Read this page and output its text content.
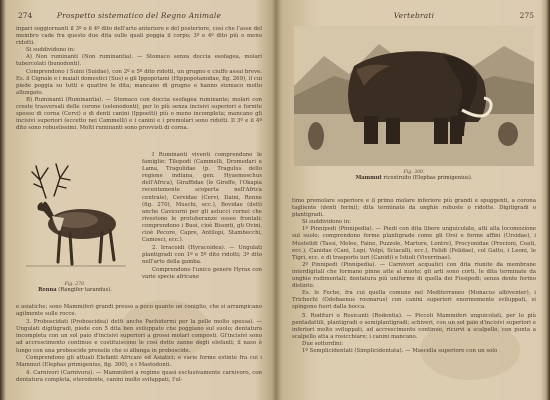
274	Prospetto sistematico del Regno Animale
inpari soggiornanti il 3º o il 4º dito dell'arto anteriore e del posteriore, così che l'asse del membro cade fra questo due dita sulle quali poggia il corpo; 3º e 4º dito più o meno ridotti.
Si suddividono in:
A) Non ruminanti (Non ruminantia). — Stomaco senza doccia esofagea, molari tubercolati (bunodonti).
Comprendono i Suini (Suidae), con 2º e 5º dito ridotti, un grugno e ciuffo assai breve. Es. il Cignale e i maiali domestici (Sus) e gli Ippopotami (Hippopotamidae, fig. 269), il cui piede poggia su tutti e quattro le dita; mancano di grugno e hanno stomaco molto allungato.
B) Ruminanti (Ruminantia). — Stomaco con doccia esofagea ruminante; molari con creste trasversali delle corone (selenodonti), per lo più senza incisivi superiori e fornite spesso di corna (Cervi) o di denti canini (Ippoetti) più o meno incompleta; mancano gli incisivi superiori (eccetto nei Cammelli) e i canini e i premolari sono ridotti. Il 3º e il 4º dito sono robustissimi. Molti ruminanti sono provvisti di corna.
Fig. 270.
Renna (Rangifer tarandus).
I Ruminanti viventi comprendono le famiglie: Tilopodi (Cammelli, Dromedari e Lama, Tragulidae (p. Tragulus dello regione indiana, gen. Hyaemoschus dell'Africa), Giraffidae (le Giraffe, l'Okapia recentemente scoperta nell'Africa centrale), Cervidae (Cervi, Daini, Renne (fig. 270), Muschi, ecc.), Bovidae (detti anche Cavicorni per gli astucci cornei che rivestono le protuberanze ossee frontali; comprendono i Buoi, cioè Bisonti, gli Ovini, cioè Pecore, Capre, Antilopi, Stambecchi, Camosci, ecc.).
2. Irracoidi (Hyracoidea). — Ungulati plantigradi con 1º e 5º dito ridotti; 3º dito nell'arto della gamba.
Comprendono l'unico genere Hyrax con varie specie africane
e asiatiche; sono Mammiferi grandi presso a poco quanto un coniglio, che si arrampicano agilmente sulle rocce.
3. Proboscidati (Proboscidea) detti anche Pachidermi per la pelle molto spessa). — Ungulati digitigradi, piede con 5 dita ben sviluppate che poggiano sul suolo; dentatura incompleta con un sol paio d'incisivi superiori a grossi molari composti. Gl'incisivi sono ad accrescimento continuo e costituiscono le così dette zanne degli elefanti; il naso è lungo con una proboscide prensile che si allunga in proboscide.
Comprendono gli attuali Elefanti Africani ed Asiatici; e varie forme estinte fra cui i Mammut (Elephas primigenius, fig. 300), e i Mastodonti.
4. Carnivori (Carnivora). — Mammiferi a regime quasi esclusivamente carnivoro, con dentatura completa, eterodonte, canini molto sviluppati, l'ul-
Vertebrati	275
Fig. 300.
Mammut ricostruito (Elephas primigenius).
timo premolare superiore e il primo molare inferiore più grandi e spuggenti, a corona tagliente (denti ferini); dita terminate da unghie robuste o ridotte. Digitigradi o plantigradi.
Si suddividono in:
1º Pinnipedi (Pinnipedia). — Piedi con dita libere unguicolate, atti alla locomozione sul suolo; comprendono forme plantigrade come gli Orsi e forme affini (Ursidae), i Mustelidi (Tassi, Melee, Faine, Puzzole, Martore, Lontre), Procyonidae (Procioni, Coati, ecc.), Canidae (Cani, Lupi, Volpi, Sciacalli, ecc.), Felidi (Felidae), col Gatto, i Leoni, le Tigri, ecc. e di trasporto iuri (Canidi) e Istioli (Viverrinae).
2º Pinnipedi (Pinnipedia). — Carnivori acquatici con dita riunite da membrane interdigitali che formano pinne atte al nuoto; gli arti sono corti, le dita terminate da unghie rudimentali; dentatura più uniforme di quella dei Fissipedi; senza dente ferino distinto.
Es. le Foche, fra cui quella comune nel Mediterraneo (Monacus albiventer), i Trichechi (Odobaenus rosmarus) con canini superiori enormemente sviluppati, si spingono fuori dalla bocca.
5. Rodituri o Rosicanti (Rodentia). — Piccoli Mammiferi unguicolati, per lo più pentadattili, plantigradi o semiplantigradi; schiveri, con un sol paio d'incisivi superiori e inferiori molto sviluppati, ad accrescimento continuo, ricurvi a scalpello, con punta a scalpello atta a rosicchiare; i canini mancano.
Due sottordini:
1º Semplicidentati (Simplicidentata). — Mascella superiore con un solo
